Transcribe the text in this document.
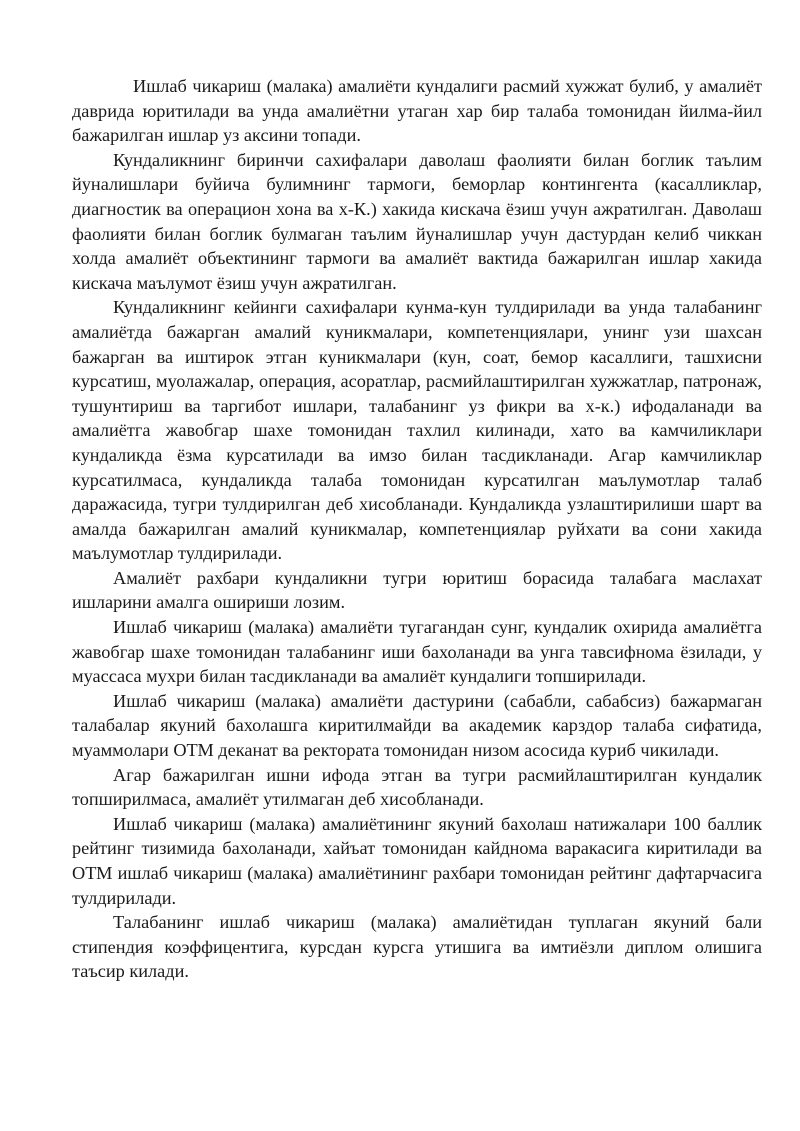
Ишлаб чикариш (малака) амалиёти кундалиги расмий хужжат булиб, у амалиёт даврида юритилади ва унда амалиётни утаган хар бир талаба томонидан йилма-йил бажарилган ишлар уз аксини топади.

Кундаликнинг биринчи сахифалари даволаш фаолияти билан боглик таълим йуналишлари буйича булимнинг тармоги, беморлар контингента (касалликлар, диагностик ва операцион хона ва х-К.) хакида кискача ёзиш учун ажратилган. Даволаш фаолияти билан боглик булмаган таълим йуналишлар учун дастурдан келиб чиккан холда амалиёт объектининг тармоги ва амалиёт вактида бажарилган ишлар хакида кискача маълумот ёзиш учун ажратилган.

Кундаликнинг кейинги сахифалари кунма-кун тулдирилади ва унда талабанинг амалиётда бажарган амалий куникмалари, компетенциялари, унинг узи шахсан бажарган ва иштирок этган куникмалари (кун, соат, бемор касаллиги, ташхисни курсатиш, муолажалар, операция, асоратлар, расмийлаштирилган хужжатлар, патронаж, тушунтириш ва таргибот ишлари, талабанинг уз фикри ва х-к.) ифодаланади ва амалиётга жавобгар шахе томонидан тахлил килинади, хато ва камчиликлари кундаликда ёзма курсатилади ва имзо билан тасдикланади. Агар камчиликлар курсатилмаса, кундаликда талаба томонидан курсатилган маълумотлар талаб даражасида, тугри тулдирилган деб хисобланади. Кундаликда узлаштирилиши шарт ва амалда бажарилган амалий куникмалар, компетенциялар руйхати ва сони хакида маълумотлар тулдирилади.

Амалиёт рахбари кундаликни тугри юритиш борасида талабага маслахат ишларини амалга ошириши лозим.

Ишлаб чикариш (малака) амалиёти тугагандан сунг, кундалик охирида амалиётга жавобгар шахе томонидан талабанинг иши бахоланади ва унга тавсифнома ёзилади, у муассаса мухри билан тасдикланади ва амалиёт кундалиги топширилади.

Ишлаб чикариш (малака) амалиёти дастурини (сабабли, сабабсиз) бажармаган талабалар якуний бахолашга киритилмайди ва академик карздор талаба сифатида, муаммолари ОТМ деканат ва ректората томонидан низом асосида куриб чикилади.

Агар бажарилган ишни ифода этган ва тугри расмийлаштирилган кундалик топширилмаса, амалиёт утилмаган деб хисобланади.

Ишлаб чикариш (малака) амалиётининг якуний бахолаш натижалари 100 баллик рейтинг тизимида бахоланади, хайъат томонидан кайднома варакасига киритилади ва ОТМ ишлаб чикариш (малака) амалиётининг рахбари томонидан рейтинг дафтарчасига тулдирилади.

Талабанинг ишлаб чикариш (малака) амалиётидан туплаган якуний бали стипендия коэффицентига, курсдан курсга утишига ва имтиёзли диплом олишига таъсир килади.
